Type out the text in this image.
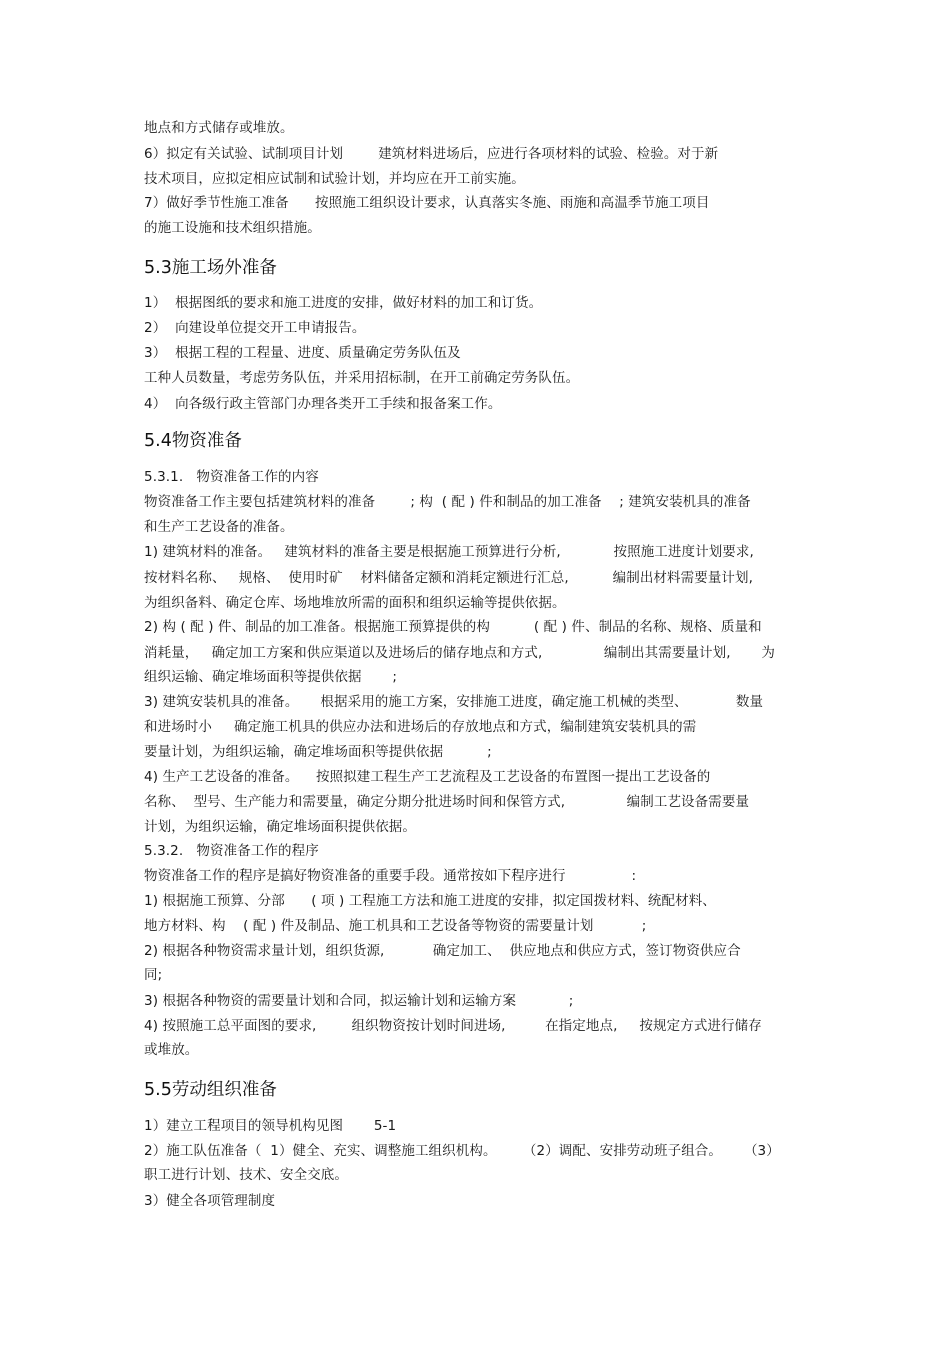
地点和方式储存或堆放。
6）拟定有关试验、试制项目计划        建筑材料进场后，应进行各项材料的试验、检验。对于新
技术项目，应拟定相应试制和试验计划，并均应在开工前实施。
7）做好季节性施工准备      按照施工组织设计要求，认真落实冬施、雨施和高温季节施工项目
的施工设施和技术组织措施。
5.3施工场外准备
1）  根据图纸的要求和施工进度的安排，做好材料的加工和订货。
2）  向建设单位提交开工申请报告。
3）  根据工程的工程量、进度、质量确定劳务队伍及
工种人员数量，考虑劳务队伍，并采用招标制，在开工前确定劳务队伍。
4）  向各级行政主管部门办理各类开工手续和报备案工作。
5.4物资准备
5.3.1.   物资准备工作的内容
物资准备工作主要包括建筑材料的准备        ; 构  ( 配 ) 件和制品的加工准备    ; 建筑安装机具的准备
和生产工艺设备的准备。
1) 建筑材料的准备。   建筑材料的准备主要是根据施工预算进行分析,            按照施工进度计划要求,
按材料名称、   规格、  使用时矿    材料储备定额和消耗定额进行汇总,          编制出材料需要量计划,
为组织备料、确定仓库、场地堆放所需的面积和组织运输等提供依据。
2) 构 ( 配 ) 件、制品的加工准备。根据施工预算提供的构          ( 配 ) 件、制品的名称、规格、质量和
消耗量，   确定加工方案和供应渠道以及进场后的储存地点和方式,              编制出其需要量计划,       为
组织运输、确定堆场面积等提供依据       ;
3) 建筑安装机具的准备。     根据采用的施工方案，安排施工进度，确定施工机械的类型、           数量
和进场时小     确定施工机具的供应办法和进场后的存放地点和方式，编制建筑安装机具的需
要量计划，为组织运输，确定堆场面积等提供依据          ;
4) 生产工艺设备的准备。    按照拟建工程生产工艺流程及工艺设备的布置图一提出工艺设备的
名称、  型号、生产能力和需要量，确定分期分批进场时间和保管方式,              编制工艺设备需要量
计划，为组织运输，确定堆场面积提供依据。
5.3.2.   物资准备工作的程序
物资准备工作的程序是搞好物资准备的重要手段。通常按如下程序进行               :
1) 根据施工预算、分部      ( 项 ) 工程施工方法和施工进度的安排，拟定国拨材料、统配材料、
地方材料、构    ( 配 ) 件及制品、施工机具和工艺设备等物资的需要量计划           ;
2) 根据各种物资需求量计划，组织货源,           确定加工、  供应地点和供应方式，签订物资供应合
同;
3) 根据各种物资的需要量计划和合同，拟运输计划和运输方案            ;
4) 按照施工总平面图的要求,        组织物资按计划时间进场,         在指定地点,     按规定方式进行储存
或堆放。
5.5劳动组织准备
1）建立工程项目的领导机构见图       5-1
2）施工队伍准备（  1）健全、充实、调整施工组织机构。      （2）调配、安排劳动班子组合。     （3）
职工进行计划、技术、安全交底。
3）健全各项管理制度
